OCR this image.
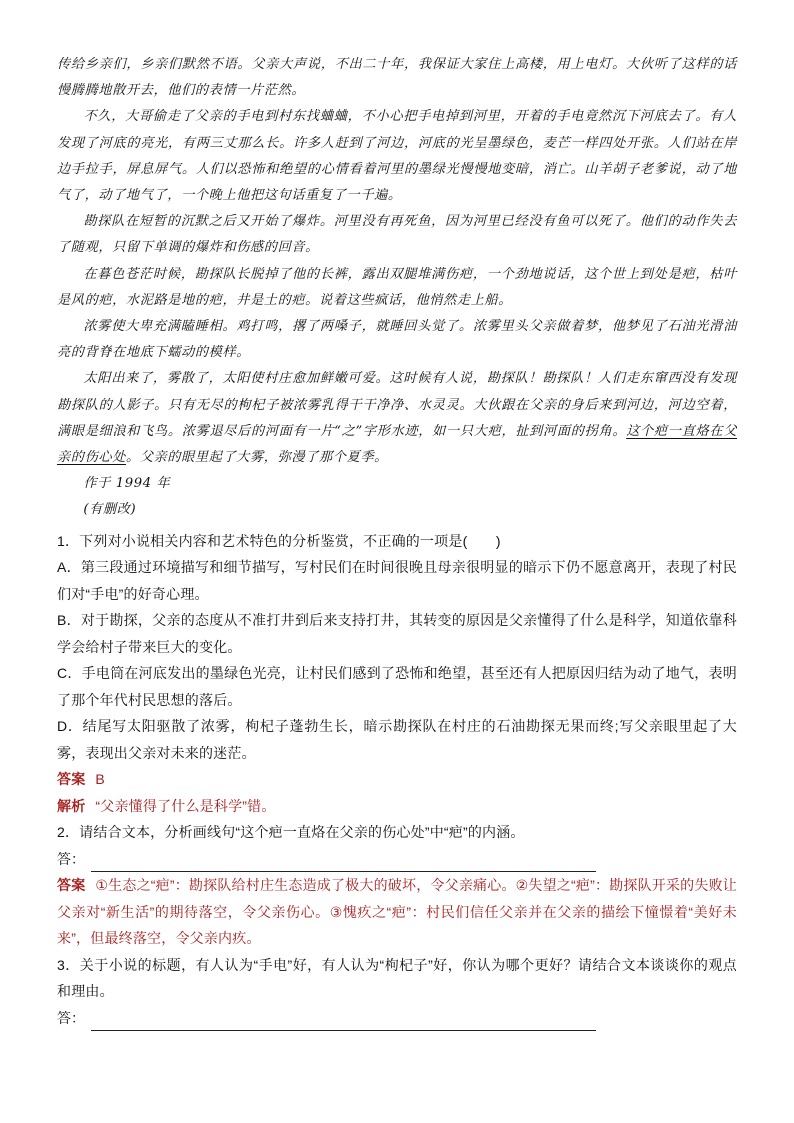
传给乡亲们，乡亲们默然不语。父亲大声说，不出二十年，我保证大家住上高楼，用上电灯。大伙听了这样的话慢腾腾地散开去，他们的表情一片茫然。

不久，大哥偷走了父亲的手电到村东找蛐蛐，不小心把手电掉到河里，开着的手电竟然沉下河底去了。有人发现了河底的亮光，有两三丈那么长。许多人赶到了河边，河底的光呈墨绿色，麦芒一样四处开张。人们站在岸边手拉手，屏息屏气。人们以恐怖和绝望的心情看着河里的墨绿光慢慢地变暗，消亡。山羊胡子老爹说，动了地气了，动了地气了，一个晚上他把这句话重复了一千遍。

勘探队在短暂的沉默之后又开始了爆炸。河里没有再死鱼，因为河里已经没有鱼可以死了。他们的动作失去了随观，只留下单调的爆炸和伤感的回音。

在暮色苍茫时候，勘探队长脱掉了他的长裤，露出双腿堆满伤疤，一个劲地说话，这个世上到处是疤，枯叶是风的疤，水泥路是地的疤，井是土的疤。说着这些疯话，他悄然走上船。

浓雾使大卑充满瞌睡相。鸡打鸣，撂了两嗓子，就睡回头觉了。浓雾里头父亲做着梦，他梦见了石油光滑油亮的背脊在地底下蠕动的模样。

太阳出来了，雾散了，太阳使村庄愈加鲜嫩可爱。这时候有人说，勘探队！勘探队！人们走东窜西没有发现勘探队的人影子。只有无尽的枸杞子被浓雾乳得干干净净、水灵灵。大伙跟在父亲的身后来到河边，河边空着，满眼是细浪和飞鸟。浓雾退尽后的河面有一片“之”字形水迹，如一只大疤，扯到河面的拐角。这个疤一直烙在父亲的伤心处。父亲的眼里起了大雾，弥漫了那个夏季。

作于 1994 年

(有删改)

1．下列对小说相关内容和艺术特色的分析鉴赏，不正确的一项是(　　)

A．第三段通过环境描写和细节描写，写村民们在时间很晚且母亲很明显的暗示下仍不愿意离开，表现了村民们对“手电”的好奇心理。

B．对于勘探，父亲的态度从不准打井到后来支持打井，其转变的原因是父亲懂得了什么是科学，知道依靠科学会给村子带来巨大的变化。

C．手电筒在河底发出的墨绿色光亮，让村民们感到了恐怖和绝望，甚至还有人把原因归结为动了地气，表明了那个年代村民思想的落后。

D．结尾写太阳驱散了浓雾，枸杞子蓬勃生长，暗示勘探队在村庄的石油勘探无果而终;写父亲眼里起了大雾，表现出父亲对未来的迷茫。

答案 B

解析 “父亲懂得了什么是科学”错。

2．请结合文本，分析画线句“这个疤一直烙在父亲的伤心处”中“疤”的内涵。

答：

答案 ①生态之“疤”：勘探队给村庄生态造成了极大的破坏，令父亲痛心。②失望之“疤”：勘探队开采的失败让父亲对“新生活”的期待落空，令父亲伤心。③愧疚之“疤”：村民们信任父亲并在父亲的描绘下憧憬着“美好未来”，但最终落空，令父亲内疚。

3．关于小说的标题，有人认为“手电”好，有人认为“枸杞子”好，你认为哪个更好？请结合文本谈谈你的观点和理由。

答：
